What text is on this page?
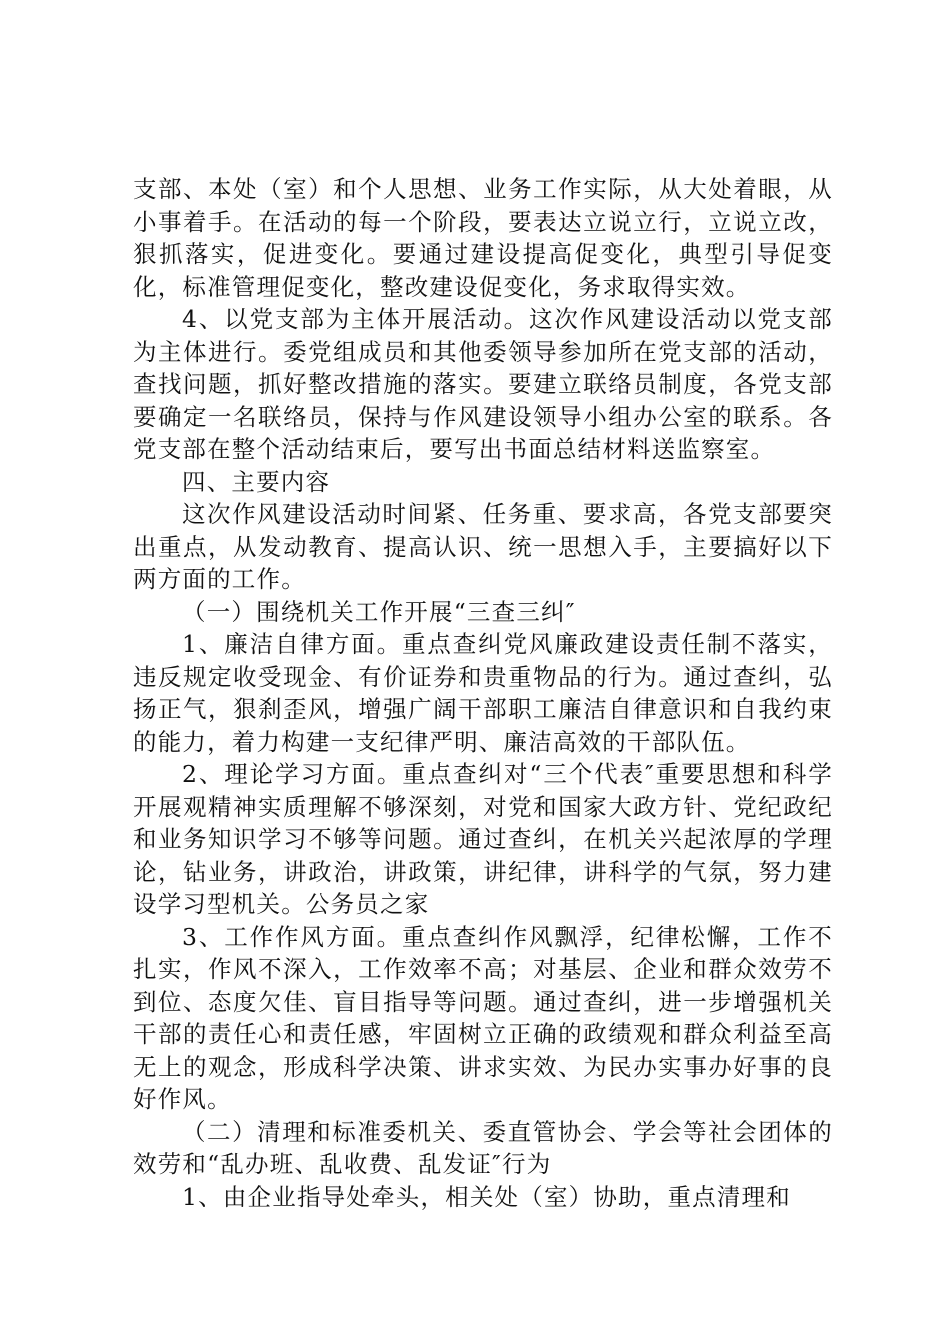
支部、本处（室）和个人思想、业务工作实际，从大处着眼，从小事着手。在活动的每一个阶段，要表达立说立行，立说立改，狠抓落实，促进变化。要通过建设提高促变化，典型引导促变化，标准管理促变化，整改建设促变化，务求取得实效。

4、以党支部为主体开展活动。这次作风建设活动以党支部为主体进行。委党组成员和其他委领导参加所在党支部的活动，查找问题，抓好整改措施的落实。要建立联络员制度，各党支部要确定一名联络员，保持与作风建设领导小组办公室的联系。各党支部在整个活动结束后，要写出书面总结材料送监察室。

四、主要内容

这次作风建设活动时间紧、任务重、要求高，各党支部要突出重点，从发动教育、提高认识、统一思想入手，主要搞好以下两方面的工作。

（一）围绕机关工作开展“三查三纠″

1、廉洁自律方面。重点查纠党风廉政建设责任制不落实，违反规定收受现金、有价证券和贵重物品的行为。通过查纠，弘扬正气，狠刹歪风，增强广阔干部职工廉洁自律意识和自我约束的能力，着力构建一支纪律严明、廉洁高效的干部队伍。

2、理论学习方面。重点查纠对“三个代表″重要思想和科学开展观精神实质理解不够深刻，对党和国家大政方针、党纪政纪和业务知识学习不够等问题。通过查纠，在机关兴起浓厚的学理论，钻业务，讲政治，讲政策，讲纪律，讲科学的气氛，努力建设学习型机关。公务员之家

3、工作作风方面。重点查纠作风飘浮，纪律松懈，工作不扎实，作风不深入，工作效率不高；对基层、企业和群众效劳不到位、态度欠佳、盲目指导等问题。通过查纠，进一步增强机关干部的责任心和责任感，牢固树立正确的政绩观和群众利益至高无上的观念，形成科学决策、讲求实效、为民办实事办好事的良好作风。

（二）清理和标准委机关、委直管协会、学会等社会团体的效劳和“乱办班、乱收费、乱发证″行为

1、由企业指导处牵头，相关处（室）协助，重点清理和
